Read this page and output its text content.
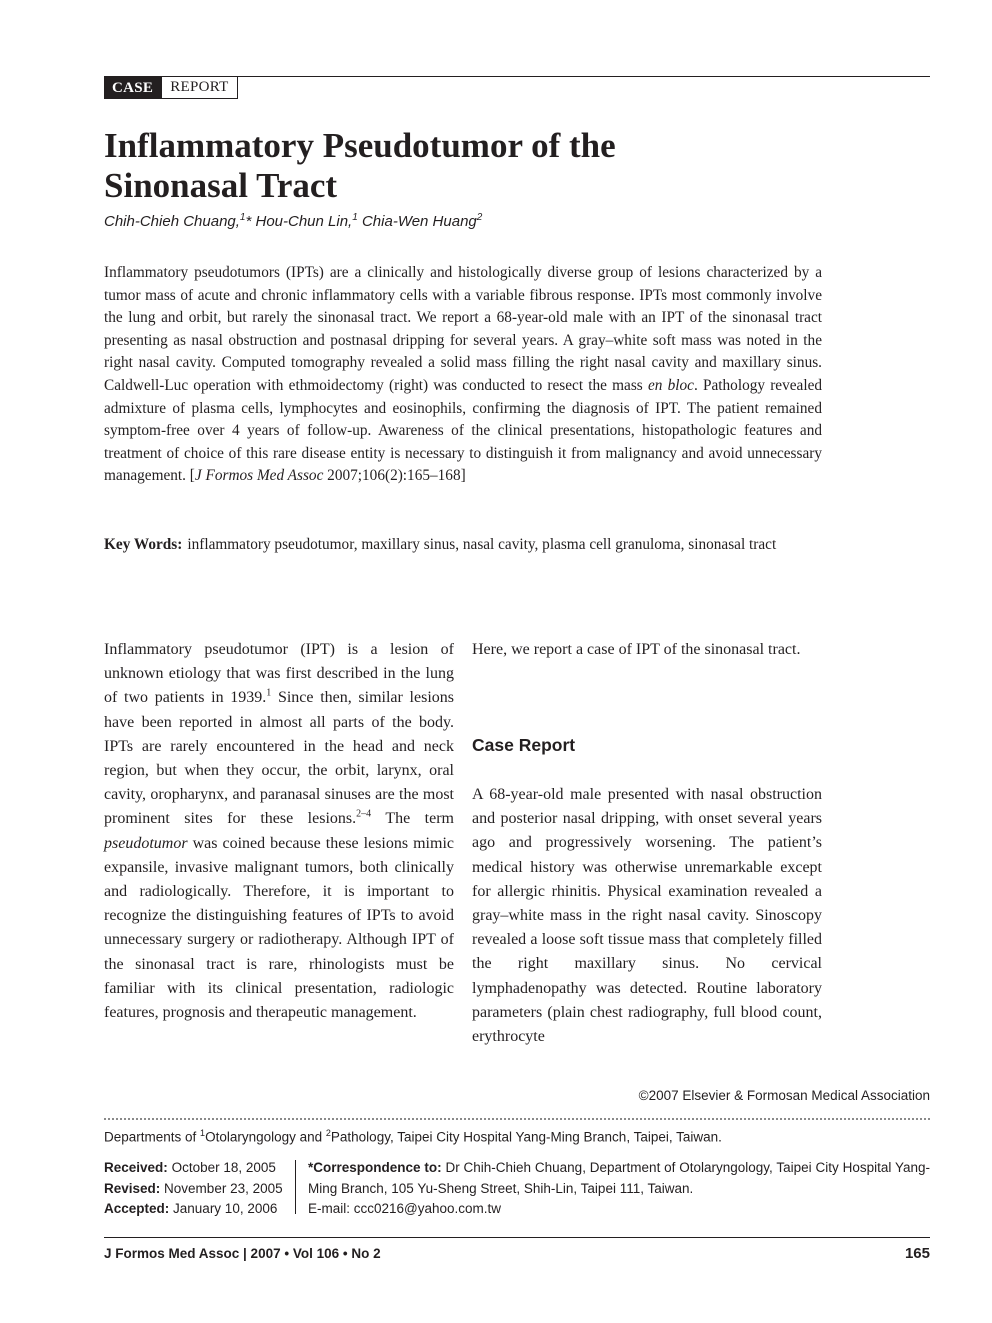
CASE	REPORT
Inflammatory Pseudotumor of the
Sinonasal Tract
Chih-Chieh Chuang,$^1$* Hou-Chun Lin,$^1$ Chia-Wen Huang$^2$

Inflammatory pseudotumors (IPTs) are a clinically and histologically diverse group of lesions characterized by a tumor mass of acute and chronic inflammatory cells with a variable fibrous response. IPTs most commonly involve the lung and orbit, but rarely the sinonasal tract. We report a 68-year-old male with an IPT of the sinonasal tract presenting as nasal obstruction and postnasal dripping for several years. A gray–white soft mass was noted in the right nasal cavity. Computed tomography revealed a solid mass filling the right nasal cavity and maxillary sinus. Caldwell-Luc operation with ethmoidectomy (right) was conducted to resect the mass en bloc. Pathology revealed admixture of plasma cells, lymphocytes and eosinophils, confirming the diagnosis of IPT. The patient remained symptom-free over 4 years of follow-up. Awareness of the clinical presentations, histopathologic features and treatment of choice of this rare disease entity is necessary to distinguish it from malignancy and avoid unnecessary management. [J Formos Med Assoc 2007;106(2):165–168]

Key Words: inflammatory pseudotumor, maxillary sinus, nasal cavity, plasma cell granuloma, sinonasal tract

Inflammatory pseudotumor (IPT) is a lesion of unknown etiology that was first described in the lung of two patients in 1939.$^1$ Since then, similar lesions have been reported in almost all parts of the body. IPTs are rarely encountered in the head and neck region, but when they occur, the orbit, larynx, oral cavity, oropharynx, and paranasal sinuses are the most prominent sites for these lesions.$^{2-4}$ The term pseudotumor was coined because these lesions mimic expansile, invasive malignant tumors, both clinically and radiologically. Therefore, it is important to recognize the distinguishing features of IPTs to avoid unnecessary surgery or radiotherapy. Although IPT of the sinonasal tract is rare, rhinologists must be familiar with its clinical presentation, radiologic features, prognosis and therapeutic management.

Here, we report a case of IPT of the sinonasal tract.

Case Report

A 68-year-old male presented with nasal obstruction and posterior nasal dripping, with onset several years ago and progressively worsening. The patient’s medical history was otherwise unremarkable except for allergic rhinitis. Physical examination revealed a gray–white mass in the right nasal cavity. Sinoscopy revealed a loose soft tissue mass that completely filled the right maxillary sinus. No cervical lymphadenopathy was detected. Routine laboratory parameters (plain chest radiography, full blood count, erythrocyte

©2007 Elsevier & Formosan Medical Association
Departments of $^1$Otolaryngology and $^2$Pathology, Taipei City Hospital Yang-Ming Branch, Taipei, Taiwan.
Received: October 18, 2005
Revised: November 23, 2005
Accepted: January 10, 2006
*Correspondence to: Dr Chih-Chieh Chuang, Department of Otolaryngology, Taipei City Hospital Yang-Ming Branch, 105 Yu-Sheng Street, Shih-Lin, Taipei 111, Taiwan.
E-mail: ccc0216@yahoo.com.tw
J Formos Med Assoc | 2007 • Vol 106 • No 2	165
